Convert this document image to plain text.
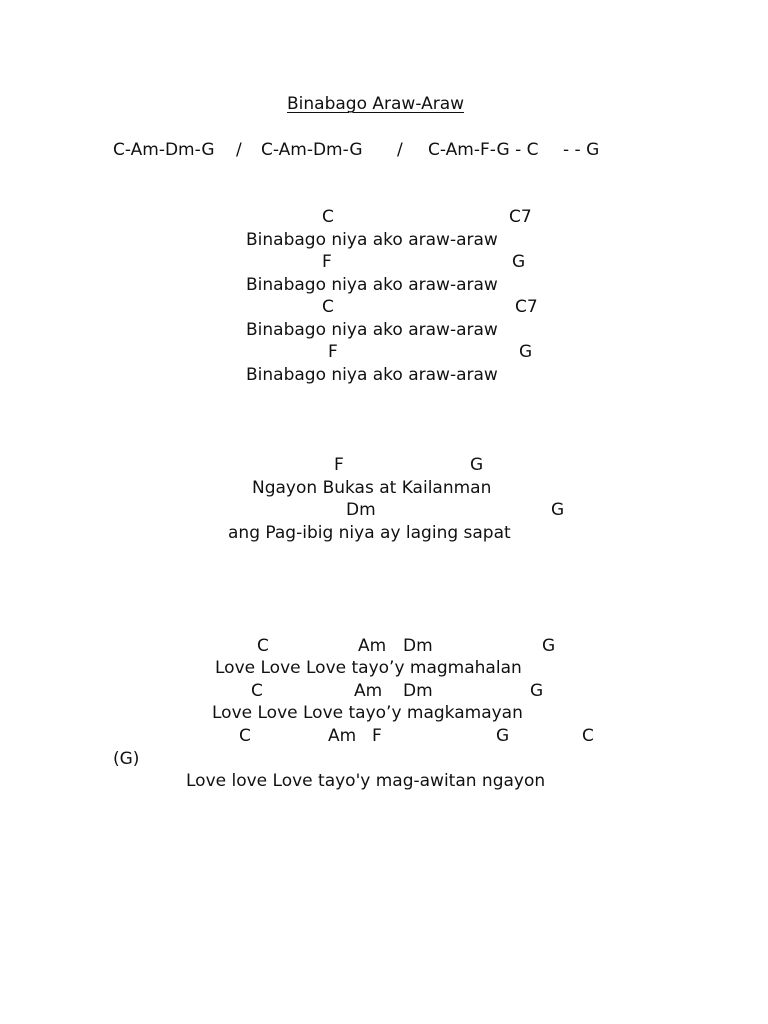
Binabago Araw-Araw
C-Am-Dm-G / C-Am-Dm-G / C-Am-F-G - C - - G
C	C7
Binabago niya ako araw-araw
F	G
Binabago niya ako araw-araw
C	C7
Binabago niya ako araw-araw
F	G
Binabago niya ako araw-araw
F	G
Ngayon Bukas at Kailanman
Dm	G
ang Pag-ibig niya ay laging sapat
C	Am Dm	G
Love Love Love tayo’y magmahalan
C	Am Dm	G
Love Love Love tayo’y magkamayan
C	Am F	G	C
(G)
Love love Love tayo'y mag-awitan ngayon
